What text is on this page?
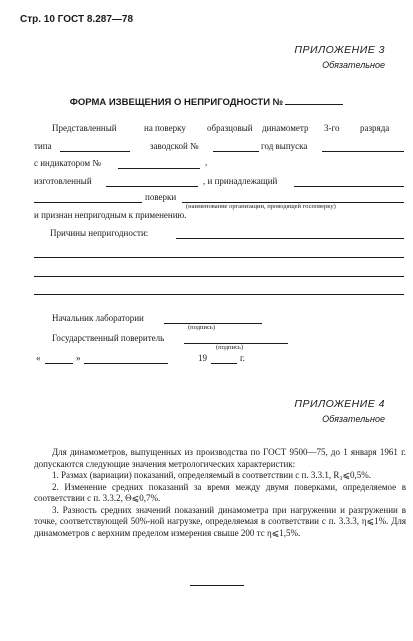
Стр. 10 ГОСТ 8.287—78
ПРИЛОЖЕНИЕ 3
Обязательное
ФОРМА ИЗВЕЩЕНИЯ О НЕПРИГОДНОСТИ №
Представленный	на поверку образцовый динамометр 3-го разряда
типа	заводской №	год выпуска
с индикатором №	,
изготовленный	, и принадлежащий
поверки
(наименование организации, проводящей госповерку)
и признан непригодным к применению.
Причины непригодности:
Начальник лаборатории
(подпись)
Государственный поверитель
(подпись)
«	»	19	г.
ПРИЛОЖЕНИЕ 4
Обязательное

Для динамометров, выпущенных из производства по ГОСТ 9500—75, до 1 января 1961 г. допускаются следующие значения метрологических характеристик:

1. Размах (вариации) показаний, определяемый в соответствии с п. 3.3.1, R₃⩽0,5%.

2. Изменение средних показаний за время между двумя поверками, определяемое в соответствии с п. 3.3.2, Θ⩽0,7%.

3. Разность средних значений показаний динамометра при нагружении и разгружении в точке, соответствующей 50%-ной нагрузке, определяемая в соответствии с п. 3.3.3, η⩽1%. Для динамометров с верхним пределом измерения свыше 200 тс η⩽1,5%.
